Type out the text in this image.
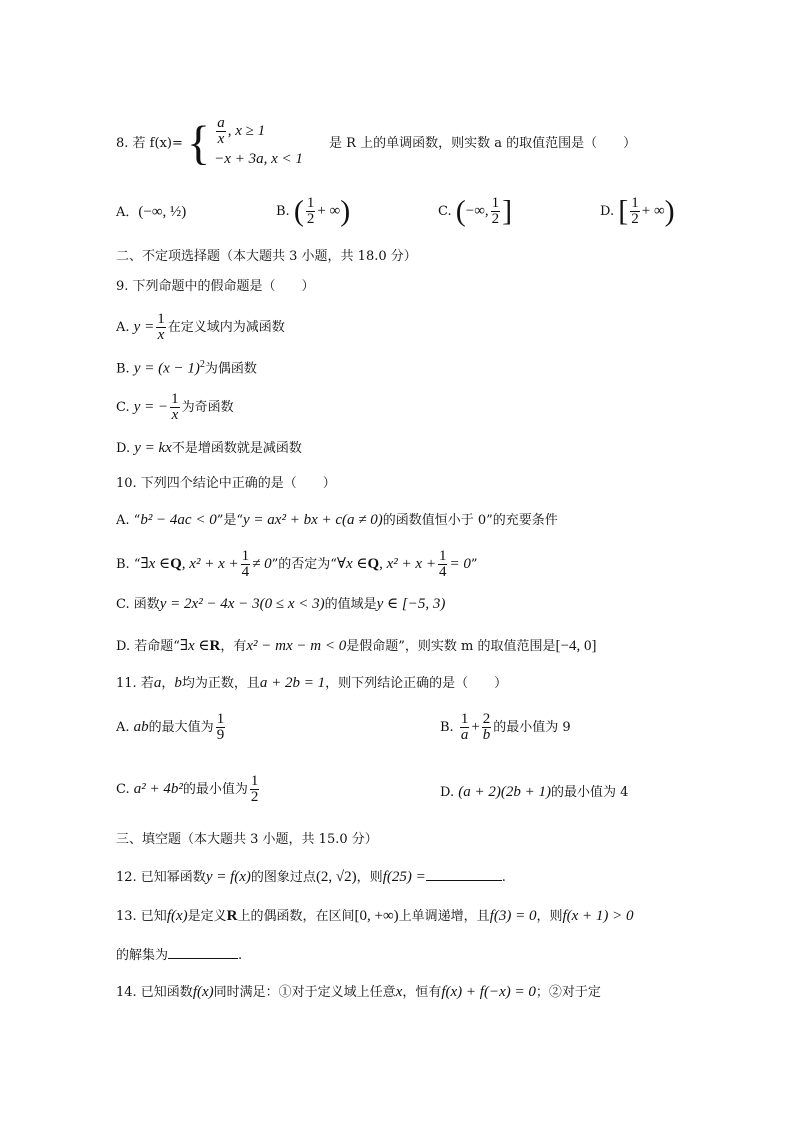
8. 若 f(x)= { $\frac{a}{x}$ , x ≥ 1
−x + 3a, x < 1
是 R 上的单调函数，则实数 a 的取值范围是（　　）
A．(−∞, ½)	B. ( $\frac{1}{2}$ + ∞)	C. (−∞, $\frac{1}{2}$ ]	D. [ $\frac{1}{2}$ + ∞)
二、不定项选择题（本大题共 3 小题，共 18.0 分）
9. 下列命题中的假命题是（　　）
A. $y = \frac{1}{x}$ 在定义域内为减函数
B. $y = (x - 1)^2$为偶函数
C. y = − $\frac{1}{x}$ 为奇函数
D. y = kx不是增函数就是减函数
10. 下列四个结论中正确的是（　　）
A. “b² − 4ac < 0”是“y = ax² + bx + c(a ≠ 0)的函数值恒小于 0”的充要条件
B. “∃x ∈Q, $x^2 + x + \frac{1}{4} \ne 0$”的否定为“∀x ∈Q, $x^2 + x + \frac{1}{4} = 0$”
C. 函数y = 2x² − 4x − 3(0 ≤ x < 3)的值域是y ∈ [−5, 3)
D. 若命题“∃x ∈R，有x² − mx − m < 0是假命题”，则实数 m 的取值范围是[−4, 0]
11. 若a，b均为正数，且a + 2b = 1，则下列结论正确的是（　　）
A. ab的最大值为 $\frac{1}{9}$	B. $\frac{1}{a} + \frac{2}{b}$ 的最小值为 9
C. a² + 4b²的最小值为 $\frac{1}{2}$	D. (a + 2)(2b + 1)的最小值为 4
三、填空题（本大题共 3 小题，共 15.0 分）
12. 已知幂函数y = f(x)的图象过点(2, √2)，则f(25) =	.
13. 已知f(x)是定义R上的偶函数，在区间[0, +∞)上单调递增，且f(3) = 0，则f(x + 1) > 0
的解集为	.
14. 已知函数f(x)同时满足：①对于定义域上任意x，恒有f(x) + f(−x) = 0；②对于定
